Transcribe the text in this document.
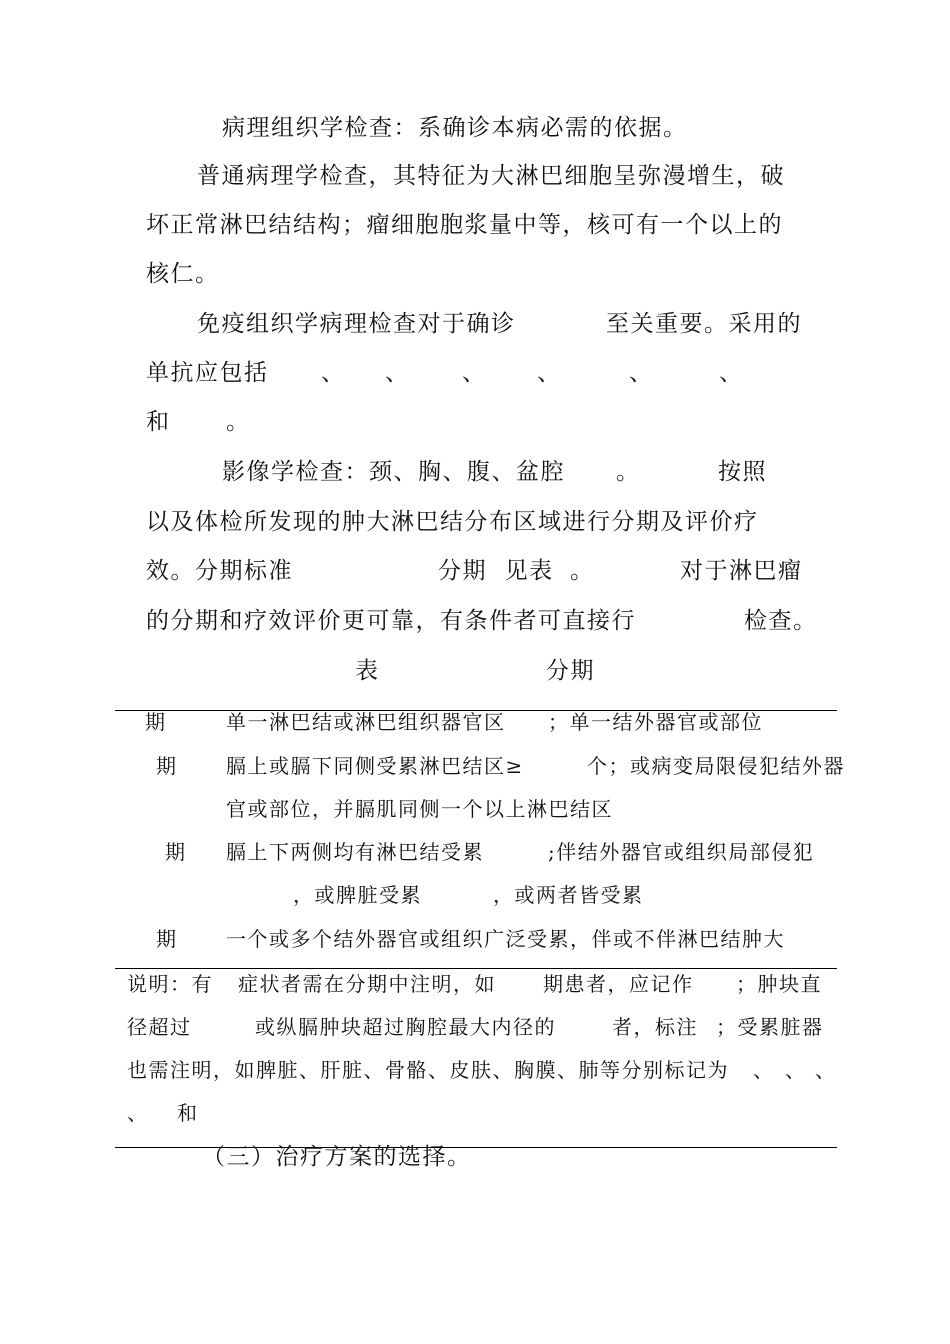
病理组织学检查：系确诊本病必需的依据。
普通病理学检查，其特征为大淋巴细胞呈弥漫增生，破
坏正常淋巴结结构；瘤细胞胞浆量中等，核可有一个以上的
核仁。
免疫组织学病理检查对于确诊	至关重要。采用的
单抗应包括 、 、 、 、	、	、
和 。
影像学检查：颈、胸、腹、盆腔 。	按照
以及体检所发现的肿大淋巴结分布区域进行分期及评价疗
效。分期标准	分期  见表 。	对于淋巴瘤
的分期和疗效评价更可靠，有条件者可直接行	检查。
表	分期
期	单一淋巴结或淋巴组织器官区 ；单一结外器官或部位
期 膈上或膈下同侧受累淋巴结区≥	个；或病变局限侵犯结外器
官或部位，并膈肌同侧一个以上淋巴结区
期 膈上下两侧均有淋巴结受累	;伴结外器官或组织局部侵犯
，或脾脏受累	，或两者皆受累
期 一个或多个结外器官或组织广泛受累，伴或不伴淋巴结肿大
说明：有 症状者需在分期中注明，如 期患者，应记作 ；肿块直
径超过	或纵膈肿块超过胸腔最大内径的	者，标注 ；受累脏器
也需注明，如脾脏、肝脏、骨骼、皮肤、胸膜、肺等分别标记为 、 、 、
、 和
（三）治疗方案的选择。
